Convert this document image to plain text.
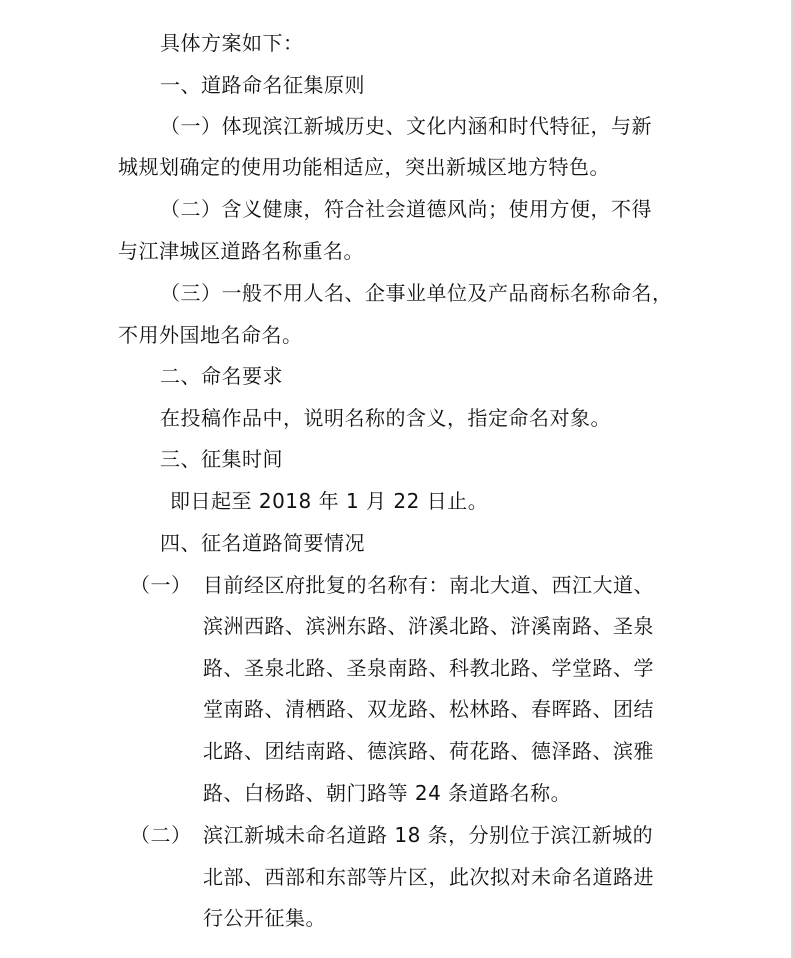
具体方案如下：
一、道路命名征集原则
（一）体现滨江新城历史、文化内涵和时代特征，与新
城规划确定的使用功能相适应，突出新城区地方特色。
（二）含义健康，符合社会道德风尚；使用方便，不得
与江津城区道路名称重名。
（三）一般不用人名、企事业单位及产品商标名称命名，
不用外国地名命名。
二、命名要求
在投稿作品中，说明名称的含义，指定命名对象。
三、征集时间
即日起至 2018 年 1 月 22 日止。
四、征名道路简要情况
（一） 目前经区府批复的名称有：南北大道、西江大道、
滨洲西路、滨洲东路、浒溪北路、浒溪南路、圣泉
路、圣泉北路、圣泉南路、科教北路、学堂路、学
堂南路、清栖路、双龙路、松林路、春晖路、团结
北路、团结南路、德滨路、荷花路、德泽路、滨雅
路、白杨路、朝门路等 24 条道路名称。
（二） 滨江新城未命名道路 18 条，分别位于滨江新城的
北部、西部和东部等片区，此次拟对未命名道路进
行公开征集。
